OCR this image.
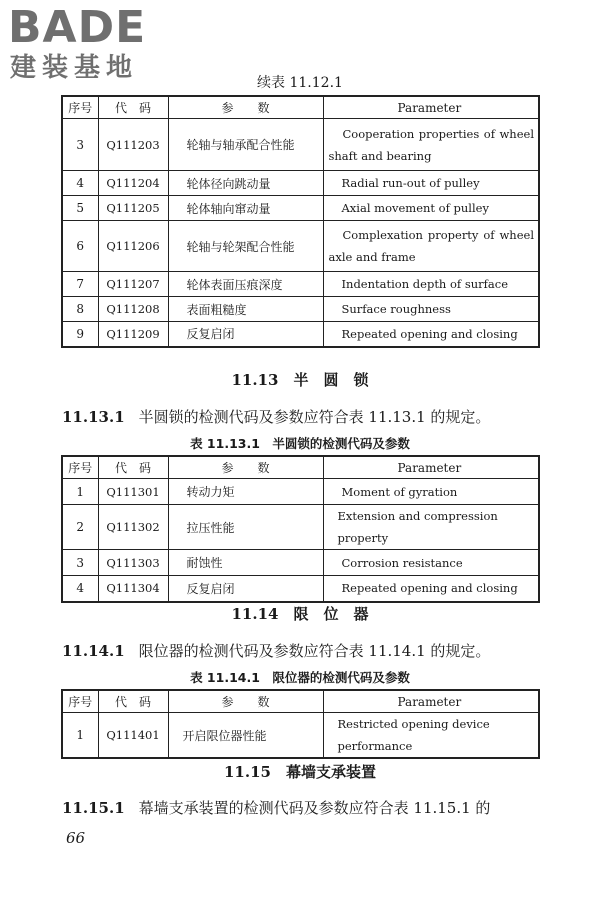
BADE
建装基地	续表 11.12.1
序号	代　码	参　　数	Parameter
3	Q111203	轮轴与轴承配合性能	Cooperation properties of wheel shaft and bearing
4	Q111204	轮体径向跳动量	Radial run-out of pulley
5	Q111205	轮体轴向窜动量	Axial movement of pulley
6	Q111206	轮轴与轮架配合性能	Complexation property of wheel axle and frame
7	Q111207	轮体表面压痕深度	Indentation depth of surface
8	Q111208	表面粗糙度	Surface roughness
9	Q111209	反复启闭	Repeated opening and closing
11.13　半　圆　锁
11.13.1 半圆锁的检测代码及参数应符合表 11.13.1 的规定。
表 11.13.1　半圆锁的检测代码及参数
序号	代　码	参　　数	Parameter
1	Q111301	转动力矩	Moment of gyration
2	Q111302	拉压性能	Extension and compression property
3	Q111303	耐蚀性	Corrosion resistance
4	Q111304	反复启闭	Repeated opening and closing
11.14　限　位　器
11.14.1 限位器的检测代码及参数应符合表 11.14.1 的规定。
表 11.14.1　限位器的检测代码及参数
序号	代　码	参　　数	Parameter
1	Q111401	开启限位器性能	Restricted opening device performance
11.15　幕墙支承装置
11.15.1 幕墙支承装置的检测代码及参数应符合表 11.15.1 的
66
